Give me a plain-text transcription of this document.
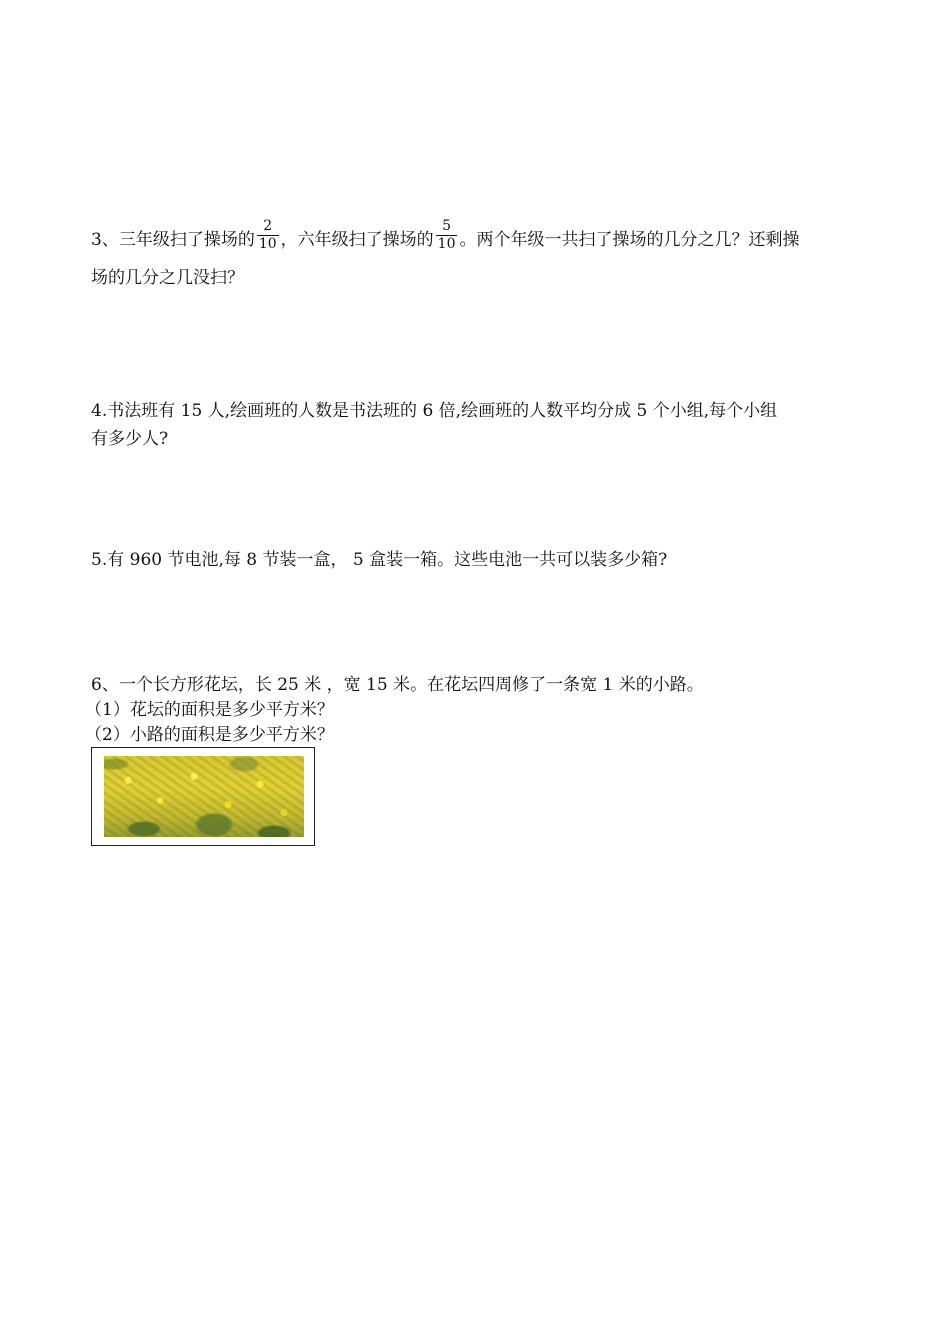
3、三年级扫了操场的 $\frac{2}{10}$ ，六年级扫了操场的 $\frac{5}{10}$ 。两个年级一共扫了操场的几分之几？还剩操
场的几分之几没扫？
4.书法班有 15 人,绘画班的人数是书法班的 6 倍,绘画班的人数平均分成 5 个小组,每个小组
有多少人?
5.有 960 节电池,每 8 节装一盒， 5 盒装一箱。这些电池一共可以装多少箱?
6、一个长方形花坛，长 25 米 ，宽 15 米。在花坛四周修了一条宽 1 米的小路。
（1）花坛的面积是多少平方米？
（2）小路的面积是多少平方米？
